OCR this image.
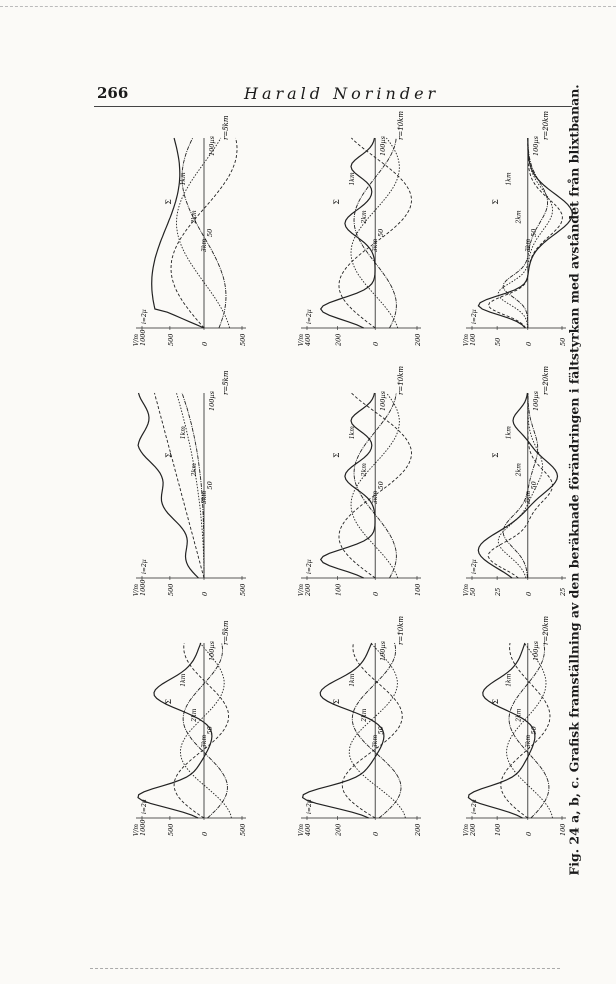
266	Harald Norinder
1000	500	0	500
V/m
50
100µs
i=2µ
r=5km
Σ
1km
2km
3km
400	200	0	200
V/m
50
100µs
i=2µ
r=10km
Σ
1km
2km
3km
100	50	0	50
V/m
50
100µs
i=2µ
r=20km
Σ
1km
2km
3km
1000	500	0	500
V/m
50
100µs
i=2µ
r=5km
Σ
1km
2km
3km
200	100	0	100
V/m
50
100µs
i=2µ
r=10km
Σ
1km
2km
3km
50	25	0	25
V/m
50
100µs
i=2µ
r=20km
Σ
1km
2km
3km
1000	500	0	500
V/m
50
100µs
i=2µ
r=5km
Σ
1km
2km
3km
400	200	0	200
V/m
50
100µs
i=2µ
r=10km
Σ
1km
2km
3km
200	100	0	100
V/m
50
100µs
i=2µ
r=20km
Σ
1km
2km
3km	Fig. 24 a, b, c. Grafisk framställning av den beräknade förändringen i fältstyrkan med avståndet från blixtbanan.
